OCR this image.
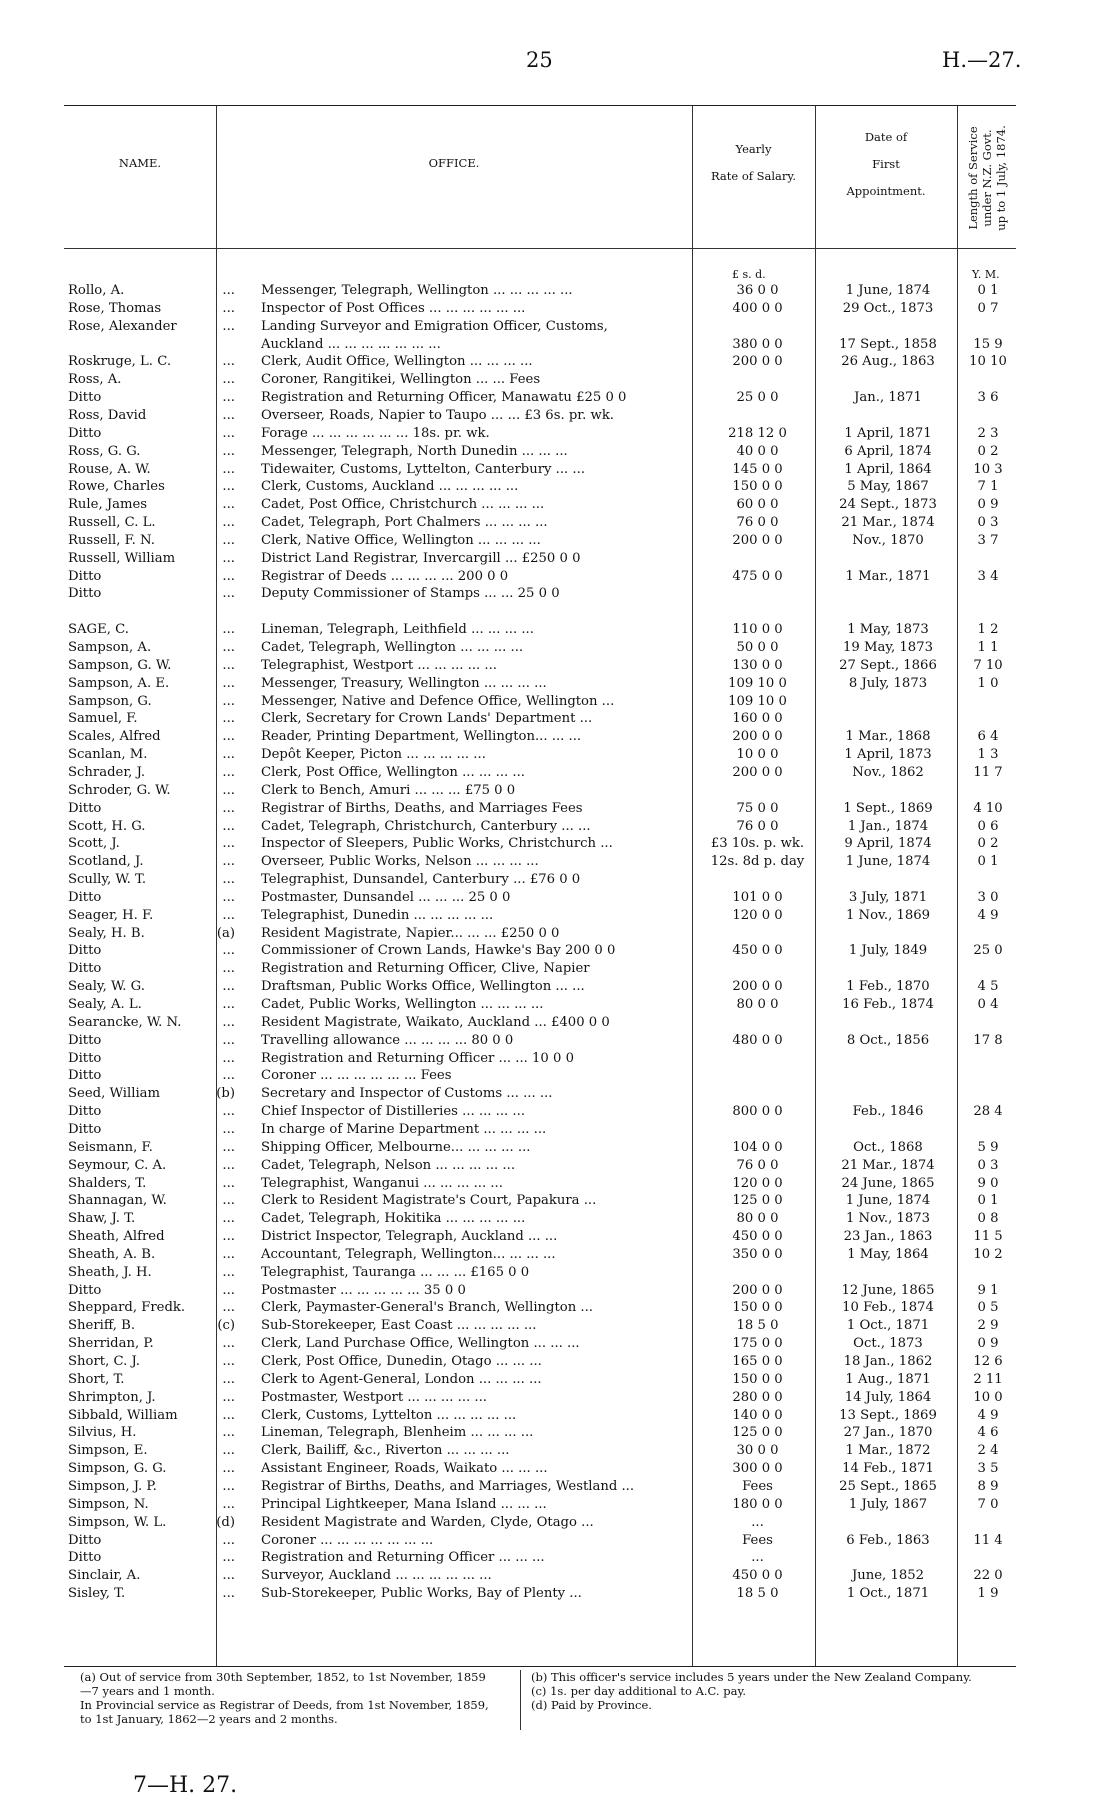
25	H.—27.
NAME.	OFFICE.
Yearly
Rate of Salary.
Date of
First
Appointment.	Length of Service
under N.Z. Govt.
up to 1 July, 1874.
£ s. d.	Y. M.
Rollo, A.	... Messenger, Telegraph, Wellington ... ... ... ... ...	36 0 0	1 June, 1874	0 1
Rose, Thomas	... Inspector of Post Offices ... ... ... ... ... ...	400 0 0	29 Oct., 1873	0 7
Rose, Alexander	... Landing Surveyor and Emigration Officer, Customs,
Auckland ... ... ... ... ... ... ...	380 0 0	17 Sept., 1858	15 9
Roskruge, L. C.	... Clerk, Audit Office, Wellington ... ... ... ...	200 0 0	26 Aug., 1863	10 10
Ross, A.	... Coroner, Rangitikei, Wellington ... ... Fees
Ditto	... Registration and Returning Officer, Manawatu £25 0 0	25 0 0	Jan., 1871	3 6
Ross, David	... Overseer, Roads, Napier to Taupo ... ... £3 6s. pr. wk.
Ditto	... Forage ... ... ... ... ... ... 18s. pr. wk.	218 12 0	1 April, 1871	2 3
Ross, G. G.	... Messenger, Telegraph, North Dunedin ... ... ...	40 0 0	6 April, 1874	0 2
Rouse, A. W.	... Tidewaiter, Customs, Lyttelton, Canterbury ... ...	145 0 0	1 April, 1864	10 3
Rowe, Charles	... Clerk, Customs, Auckland ... ... ... ... ...	150 0 0	5 May, 1867	7 1
Rule, James	... Cadet, Post Office, Christchurch ... ... ... ...	60 0 0	24 Sept., 1873	0 9
Russell, C. L.	... Cadet, Telegraph, Port Chalmers ... ... ... ...	76 0 0	21 Mar., 1874	0 3
Russell, F. N.	... Clerk, Native Office, Wellington ... ... ... ...	200 0 0	Nov., 1870	3 7
Russell, William	... District Land Registrar, Invercargill ... £250 0 0
Ditto	... Registrar of Deeds ... ... ... ... 200 0 0	475 0 0	1 Mar., 1871	3 4
Ditto	... Deputy Commissioner of Stamps ... ... 25 0 0
SAGE, C.	... Lineman, Telegraph, Leithfield ... ... ... ...	110 0 0	1 May, 1873	1 2
Sampson, A.	... Cadet, Telegraph, Wellington ... ... ... ...	50 0 0	19 May, 1873	1 1
Sampson, G. W.	... Telegraphist, Westport ... ... ... ... ...	130 0 0	27 Sept., 1866	7 10
Sampson, A. E.	... Messenger, Treasury, Wellington ... ... ... ...	109 10 0	8 July, 1873	1 0
Sampson, G.	... Messenger, Native and Defence Office, Wellington ...	109 10 0
Samuel, F.	... Clerk, Secretary for Crown Lands' Department ...	160 0 0
Scales, Alfred	... Reader, Printing Department, Wellington... ... ...	200 0 0	1 Mar., 1868	6 4
Scanlan, M.	... Depôt Keeper, Picton ... ... ... ... ...	10 0 0	1 April, 1873	1 3
Schrader, J.	... Clerk, Post Office, Wellington ... ... ... ...	200 0 0	Nov., 1862	11 7
Schroder, G. W.	... Clerk to Bench, Amuri ... ... ... £75 0 0
Ditto	... Registrar of Births, Deaths, and Marriages Fees	75 0 0	1 Sept., 1869	4 10
Scott, H. G.	... Cadet, Telegraph, Christchurch, Canterbury ... ...	76 0 0	1 Jan., 1874	0 6
Scott, J.	... Inspector of Sleepers, Public Works, Christchurch ...	£3 10s. p. wk.	9 April, 1874	0 2
Scotland, J.	... Overseer, Public Works, Nelson ... ... ... ...	12s. 8d p. day	1 June, 1874	0 1
Scully, W. T.	... Telegraphist, Dunsandel, Canterbury ... £76 0 0
Ditto	... Postmaster, Dunsandel ... ... ... 25 0 0	101 0 0	3 July, 1871	3 0
Seager, H. F.	... Telegraphist, Dunedin ... ... ... ... ...	120 0 0	1 Nov., 1869	4 9
Sealy, H. B.	(a) Resident Magistrate, Napier... ... ... £250 0 0
Ditto	... Commissioner of Crown Lands, Hawke's Bay 200 0 0	450 0 0	1 July, 1849	25 0
Ditto	... Registration and Returning Officer, Clive, Napier
Sealy, W. G.	... Draftsman, Public Works Office, Wellington ... ...	200 0 0	1 Feb., 1870	4 5
Sealy, A. L.	... Cadet, Public Works, Wellington ... ... ... ...	80 0 0	16 Feb., 1874	0 4
Searancke, W. N.	... Resident Magistrate, Waikato, Auckland ... £400 0 0
Ditto	... Travelling allowance ... ... ... ... 80 0 0	480 0 0	8 Oct., 1856	17 8
Ditto	... Registration and Returning Officer ... ... 10 0 0
Ditto	... Coroner ... ... ... ... ... ... Fees
Seed, William	(b) Secretary and Inspector of Customs ... ... ...
Ditto	... Chief Inspector of Distilleries ... ... ... ...	800 0 0	Feb., 1846	28 4
Ditto	... In charge of Marine Department ... ... ... ...
Seismann, F.	... Shipping Officer, Melbourne... ... ... ... ...	104 0 0	Oct., 1868	5 9
Seymour, C. A.	... Cadet, Telegraph, Nelson ... ... ... ... ...	76 0 0	21 Mar., 1874	0 3
Shalders, T.	... Telegraphist, Wanganui ... ... ... ... ...	120 0 0	24 June, 1865	9 0
Shannagan, W.	... Clerk to Resident Magistrate's Court, Papakura ...	125 0 0	1 June, 1874	0 1
Shaw, J. T.	... Cadet, Telegraph, Hokitika ... ... ... ... ...	80 0 0	1 Nov., 1873	0 8
Sheath, Alfred	... District Inspector, Telegraph, Auckland ... ...	450 0 0	23 Jan., 1863	11 5
Sheath, A. B.	... Accountant, Telegraph, Wellington... ... ... ...	350 0 0	1 May, 1864	10 2
Sheath, J. H.	... Telegraphist, Tauranga ... ... ... £165 0 0
Ditto	... Postmaster ... ... ... ... ... 35 0 0	200 0 0	12 June, 1865	9 1
Sheppard, Fredk.	... Clerk, Paymaster-General's Branch, Wellington ...	150 0 0	10 Feb., 1874	0 5
Sheriff, B.	(c) Sub-Storekeeper, East Coast ... ... ... ... ...	18 5 0	1 Oct., 1871	2 9
Sherridan, P.	... Clerk, Land Purchase Office, Wellington ... ... ...	175 0 0	Oct., 1873	0 9
Short, C. J.	... Clerk, Post Office, Dunedin, Otago ... ... ...	165 0 0	18 Jan., 1862	12 6
Short, T.	... Clerk to Agent-General, London ... ... ... ...	150 0 0	1 Aug., 1871	2 11
Shrimpton, J.	... Postmaster, Westport ... ... ... ... ...	280 0 0	14 July, 1864	10 0
Sibbald, William	... Clerk, Customs, Lyttelton ... ... ... ... ...	140 0 0	13 Sept., 1869	4 9
Silvius, H.	... Lineman, Telegraph, Blenheim ... ... ... ...	125 0 0	27 Jan., 1870	4 6
Simpson, E.	... Clerk, Bailiff, &c., Riverton ... ... ... ...	30 0 0	1 Mar., 1872	2 4
Simpson, G. G.	... Assistant Engineer, Roads, Waikato ... ... ...	300 0 0	14 Feb., 1871	3 5
Simpson, J. P.	... Registrar of Births, Deaths, and Marriages, Westland ...	Fees	25 Sept., 1865	8 9
Simpson, N.	... Principal Lightkeeper, Mana Island ... ... ...	180 0 0	1 July, 1867	7 0
Simpson, W. L.	(d) Resident Magistrate and Warden, Clyde, Otago ...	...
Ditto	... Coroner ... ... ... ... ... ... ...	Fees	6 Feb., 1863	11 4
Ditto	... Registration and Returning Officer ... ... ...	...
Sinclair, A.	... Surveyor, Auckland ... ... ... ... ... ...	450 0 0	June, 1852	22 0
Sisley, T.	... Sub-Storekeeper, Public Works, Bay of Plenty ...	18 5 0	1 Oct., 1871	1 9
(a) Out of service from 30th September, 1852, to 1st November, 1859—7 years and 1 month.
In Provincial service as Registrar of Deeds, from 1st November, 1859, to 1st January, 1862—2 years and 2 months.
(b) This officer's service includes 5 years under the New Zealand Company.
(c) 1s. per day additional to A.C. pay.
(d) Paid by Province.
7—H. 27.
